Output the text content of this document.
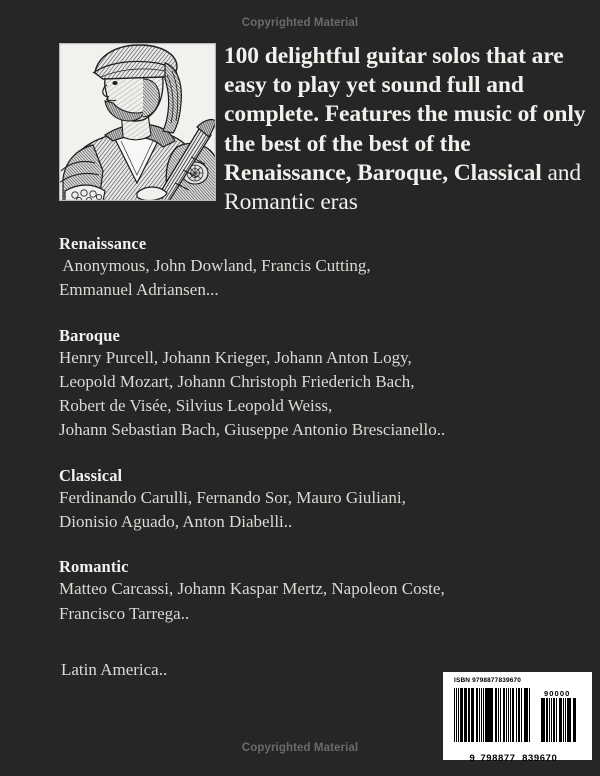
Copyrighted Material
100 delightful guitar solos that are easy to play yet sound full and complete. Features the music of only the best of the best of the Renaissance, Baroque, Classical and Romantic eras
Renaissance
Anonymous, John Dowland, Francis Cutting,
Emmanuel Adriansen...
Baroque
Henry Purcell, Johann Krieger, Johann Anton Logy,
Leopold Mozart, Johann Christoph Friederich Bach,
Robert de Visée, Silvius Leopold Weiss,
Johann Sebastian Bach, Giuseppe Antonio Brescianello..
Classical
Ferdinando Carulli, Fernando Sor, Mauro Giuliani,
Dionisio Aguado, Anton Diabelli..
Romantic
Matteo Carcassi, Johann Kaspar Mertz, Napoleon Coste,
Francisco Tarrega..
Latin America..
ISBN 9798877839670
90000

9 798877 839670

Copyrighted Material
